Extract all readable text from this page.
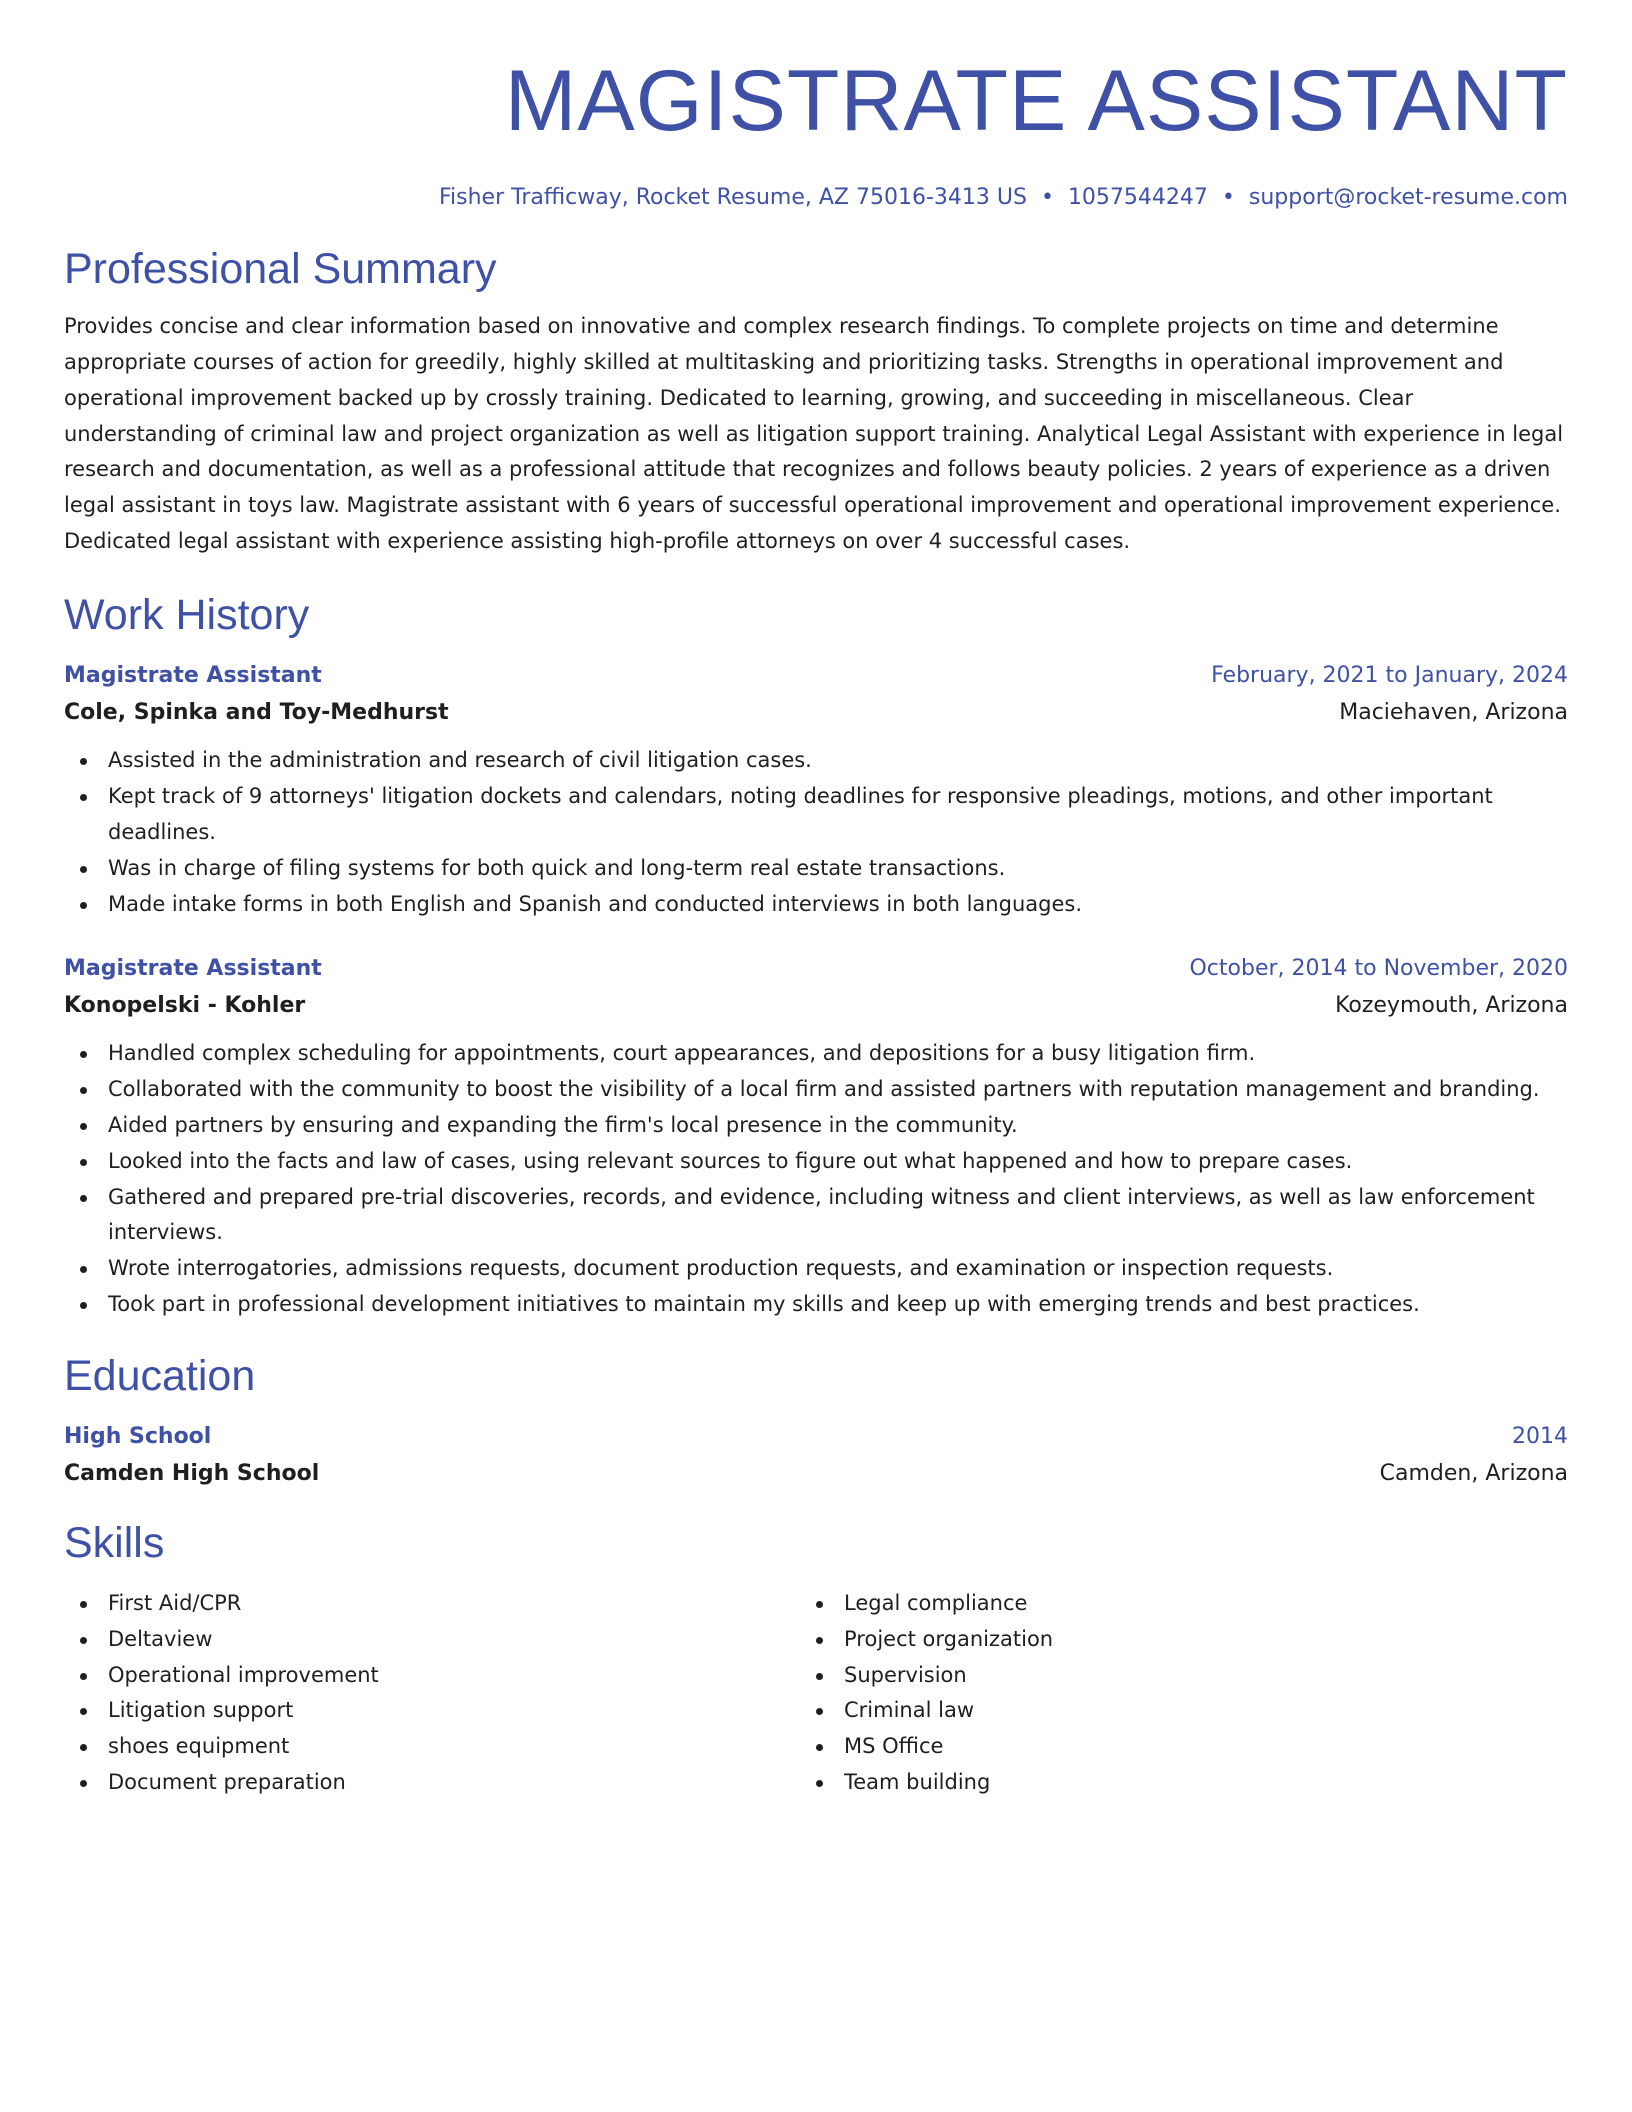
MAGISTRATE ASSISTANT
Fisher Trafficway, Rocket Resume, AZ 75016-3413 US • 1057544247 • support@rocket-resume.com
Professional Summary

Provides concise and clear information based on innovative and complex research findings. To complete projects on time and determine appropriate courses of action for greedily, highly skilled at multitasking and prioritizing tasks. Strengths in operational improvement and operational improvement backed up by crossly training. Dedicated to learning, growing, and succeeding in miscellaneous. Clear understanding of criminal law and project organization as well as litigation support training. Analytical Legal Assistant with experience in legal research and documentation, as well as a professional attitude that recognizes and follows beauty policies. 2 years of experience as a driven legal assistant in toys law. Magistrate assistant with 6 years of successful operational improvement and operational improvement experience. Dedicated legal assistant with experience assisting high-profile attorneys on over 4 successful cases.

Work History
Magistrate Assistant	February, 2021 to January, 2024
Cole, Spinka and Toy-Medhurst	Maciehaven, Arizona
Assisted in the administration and research of civil litigation cases.
Kept track of 9 attorneys' litigation dockets and calendars, noting deadlines for responsive pleadings, motions, and other important deadlines.
Was in charge of filing systems for both quick and long-term real estate transactions.
Made intake forms in both English and Spanish and conducted interviews in both languages.
Magistrate Assistant	October, 2014 to November, 2020
Konopelski - Kohler	Kozeymouth, Arizona
Handled complex scheduling for appointments, court appearances, and depositions for a busy litigation firm.
Collaborated with the community to boost the visibility of a local firm and assisted partners with reputation management and branding.
Aided partners by ensuring and expanding the firm's local presence in the community.
Looked into the facts and law of cases, using relevant sources to figure out what happened and how to prepare cases.
Gathered and prepared pre-trial discoveries, records, and evidence, including witness and client interviews, as well as law enforcement interviews.
Wrote interrogatories, admissions requests, document production requests, and examination or inspection requests.
Took part in professional development initiatives to maintain my skills and keep up with emerging trends and best practices.
Education
High School	2014
Camden High School	Camden, Arizona
Skills
First Aid/CPR
Deltaview
Operational improvement
Litigation support
shoes equipment
Document preparation
Legal compliance
Project organization
Supervision
Criminal law
MS Office
Team building
